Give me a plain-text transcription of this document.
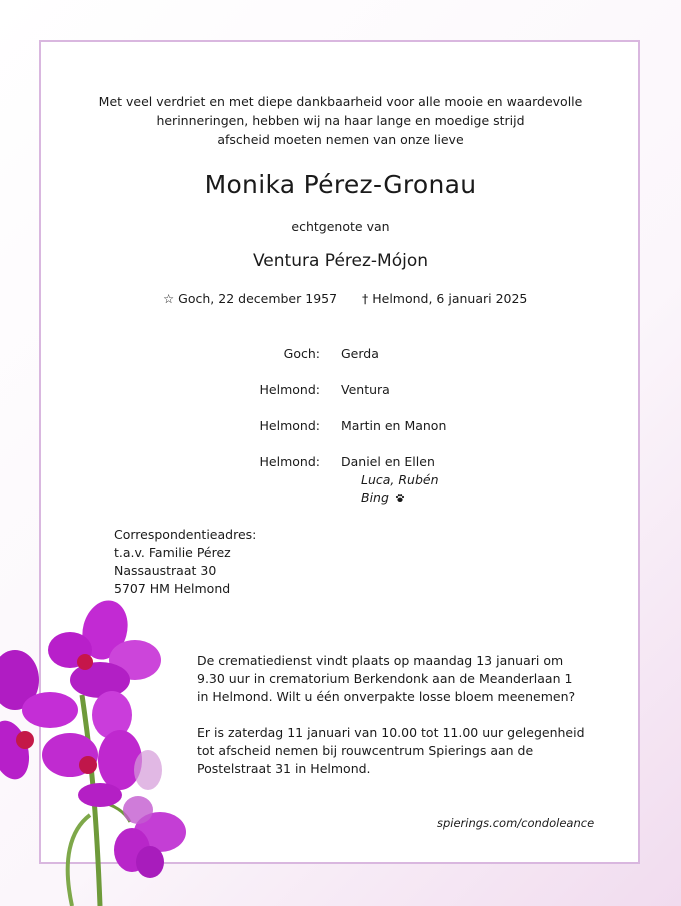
Met veel verdriet en met diepe dankbaarheid voor alle mooie en waardevolle
herinneringen, hebben wij na haar lange en moedige strijd
afscheid moeten nemen van onze lieve
Monika Pérez-Gronau
echtgenote van
Ventura Pérez-Mójon
☆ Goch, 22 december 1957 † Helmond, 6 januari 2025
Goch: Gerda
Helmond: Ventura
Helmond: Martin en Manon
Helmond: Daniel en Ellen
Luca, Rubén
Bing
Correspondentieadres:
t.a.v. Familie Pérez
Nassaustraat 30
5707 HM Helmond
De crematiedienst vindt plaats op maandag 13 januari om
9.30 uur in crematorium Berkendonk aan de Meanderlaan 1
in Helmond. Wilt u één onverpakte losse bloem meenemen?
Er is zaterdag 11 januari van 10.00 tot 11.00 uur gelegenheid
tot afscheid nemen bij rouwcentrum Spierings aan de
Postelstraat 31 in Helmond.
spierings.com/condoleance
